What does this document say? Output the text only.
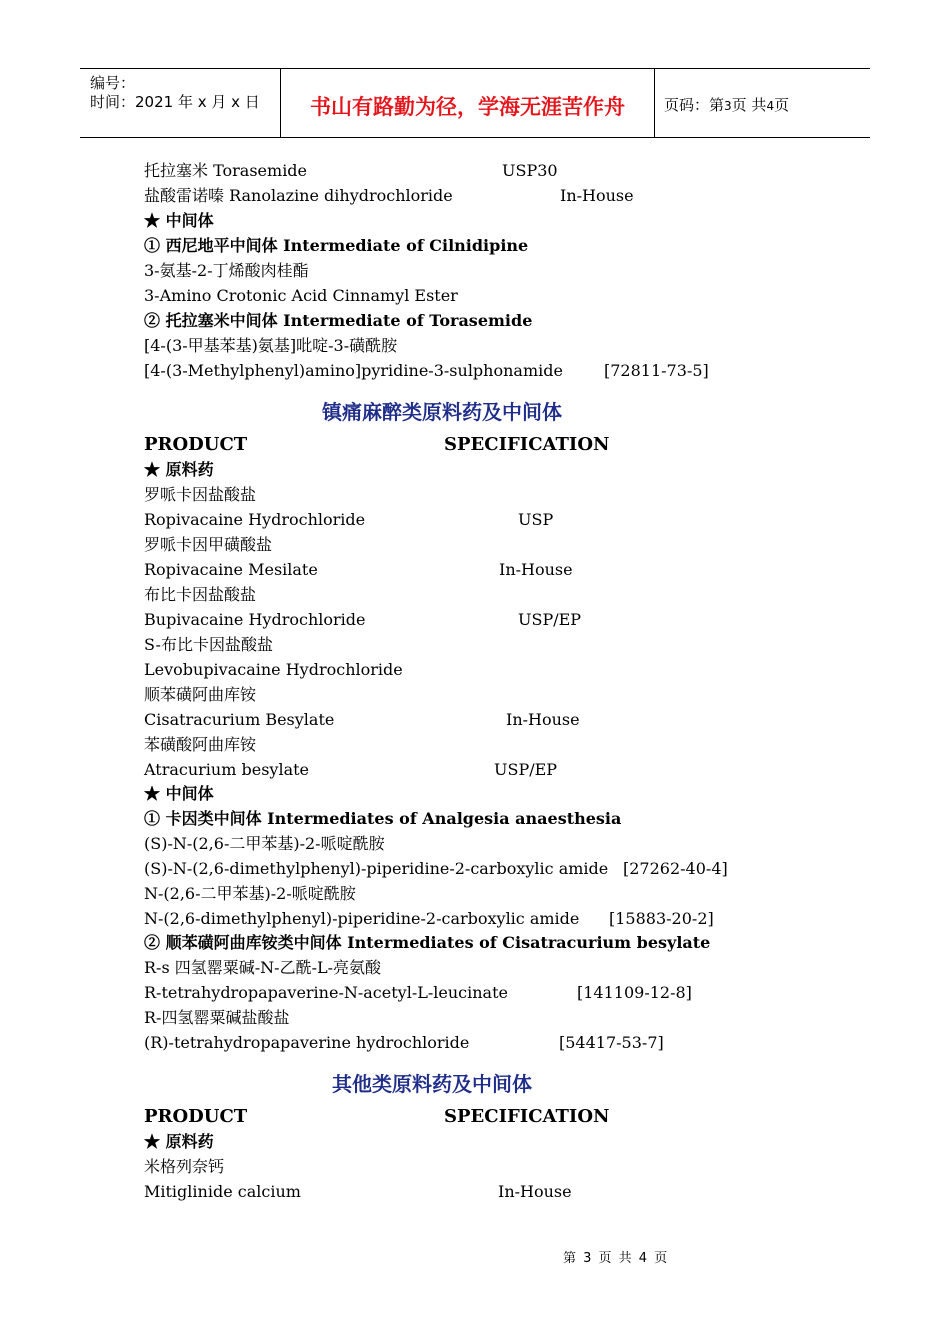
编号：
时间：2021 年 x 月 x 日	书山有路勤为径，学海无涯苦作舟	页码：第3页 共4页
托拉塞米 Torasemide	USP30
盐酸雷诺嗪 Ranolazine dihydrochloride	In-House
★ 中间体
① 西尼地平中间体 Intermediate of Cilnidipine
3-氨基-2-丁烯酸肉桂酯
3-Amino Crotonic Acid Cinnamyl Ester
② 托拉塞米中间体 Intermediate of Torasemide
[4-(3-甲基苯基)氨基]吡啶-3-磺酰胺
[4-(3-Methylphenyl)amino]pyridine-3-sulphonamide	[72811-73-5]
镇痛麻醉类原料药及中间体
PRODUCT	SPECIFICATION
★ 原料药
罗哌卡因盐酸盐
Ropivacaine Hydrochloride	USP
罗哌卡因甲磺酸盐
Ropivacaine Mesilate	In-House
布比卡因盐酸盐
Bupivacaine Hydrochloride	USP/EP
S-布比卡因盐酸盐
Levobupivacaine Hydrochloride
顺苯磺阿曲库铵
Cisatracurium Besylate	In-House
苯磺酸阿曲库铵
Atracurium besylate	USP/EP
★ 中间体
① 卡因类中间体 Intermediates of Analgesia anaesthesia
(S)-N-(2,6-二甲苯基)-2-哌啶酰胺
(S)-N-(2,6-dimethylphenyl)-piperidine-2-carboxylic amide [27262-40-4]
N-(2,6-二甲苯基)-2-哌啶酰胺
N-(2,6-dimethylphenyl)-piperidine-2-carboxylic amide [15883-20-2]
② 顺苯磺阿曲库铵类中间体 Intermediates of Cisatracurium besylate
R-s 四氢罂粟碱-N-乙酰-L-亮氨酸
R-tetrahydropapaverine-N-acetyl-L-leucinate	[141109-12-8]
R-四氢罂粟碱盐酸盐
(R)-tetrahydropapaverine hydrochloride	[54417-53-7]
其他类原料药及中间体
PRODUCT	SPECIFICATION
★ 原料药
米格列奈钙
Mitiglinide calcium	In-House
第 3 页 共 4 页
